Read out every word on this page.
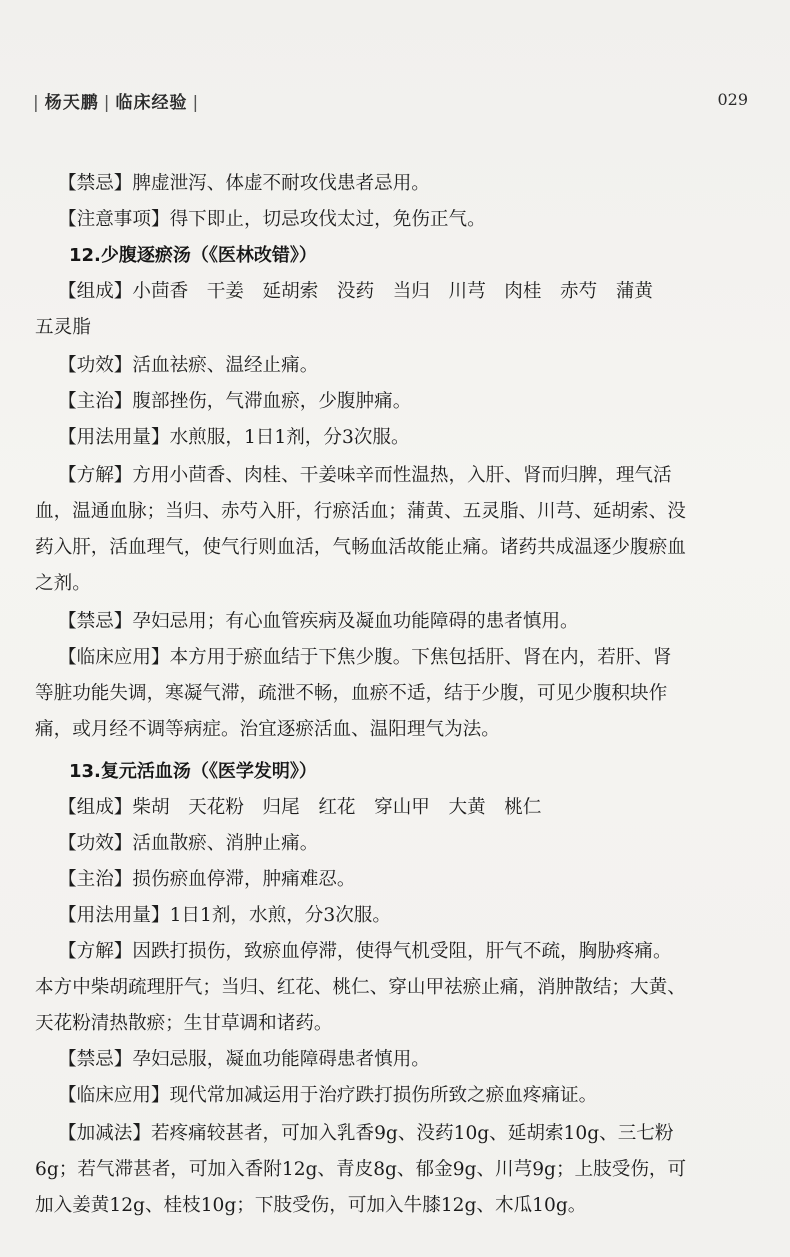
| 杨天鹏 | 临床经验 |	029
【禁忌】脾虚泄泻、体虚不耐攻伐患者忌用。
【注意事项】得下即止，切忌攻伐太过，免伤正气。
12.少腹逐瘀汤（《医林改错》）
【组成】小茴香　干姜　延胡索　没药　当归　川芎　肉桂　赤芍　蒲黄
五灵脂
【功效】活血祛瘀、温经止痛。
【主治】腹部挫伤，气滞血瘀，少腹肿痛。
【用法用量】水煎服，1日1剂，分3次服。
【方解】方用小茴香、肉桂、干姜味辛而性温热，入肝、肾而归脾，理气活
血，温通血脉；当归、赤芍入肝，行瘀活血；蒲黄、五灵脂、川芎、延胡索、没
药入肝，活血理气，使气行则血活，气畅血活故能止痛。诸药共成温逐少腹瘀血
之剂。
【禁忌】孕妇忌用；有心血管疾病及凝血功能障碍的患者慎用。
【临床应用】本方用于瘀血结于下焦少腹。下焦包括肝、肾在内，若肝、肾
等脏功能失调，寒凝气滞，疏泄不畅，血瘀不适，结于少腹，可见少腹积块作
痛，或月经不调等病症。治宜逐瘀活血、温阳理气为法。
13.复元活血汤（《医学发明》）
【组成】柴胡　天花粉　归尾　红花　穿山甲　大黄　桃仁
【功效】活血散瘀、消肿止痛。
【主治】损伤瘀血停滞，肿痛难忍。
【用法用量】1日1剂，水煎，分3次服。
【方解】因跌打损伤，致瘀血停滞，使得气机受阻，肝气不疏，胸胁疼痛。
本方中柴胡疏理肝气；当归、红花、桃仁、穿山甲祛瘀止痛，消肿散结；大黄、
天花粉清热散瘀；生甘草调和诸药。
【禁忌】孕妇忌服，凝血功能障碍患者慎用。
【临床应用】现代常加减运用于治疗跌打损伤所致之瘀血疼痛证。
【加减法】若疼痛较甚者，可加入乳香9g、没药10g、延胡索10g、三七粉
6g；若气滞甚者，可加入香附12g、青皮8g、郁金9g、川芎9g；上肢受伤，可
加入姜黄12g、桂枝10g；下肢受伤，可加入牛膝12g、木瓜10g。
